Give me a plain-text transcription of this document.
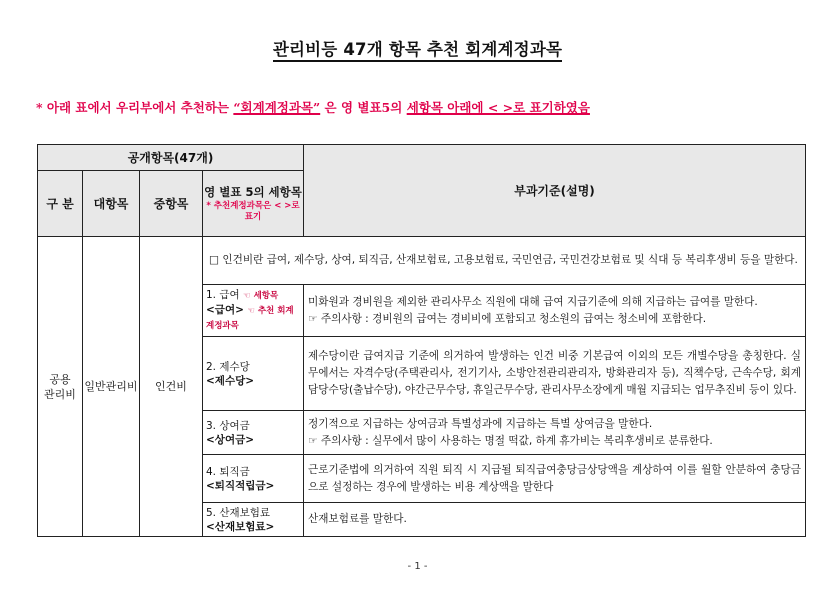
관리비등 47개 항목 추천 회계계정과목
* 아래 표에서 우리부에서 추천하는 “회계계정과목” 은 영 별표5의 세항목 아래에 < >로 표기하였음
공개항목(47개)				부과기준(설명)
구 분	대항목	중항목	영 별표 5의 세항목
* 추천계정과목은 < >로 표기	

공용
관리비	일반관리비	인건비	□ 인건비란 급여, 제수당, 상여, 퇴직금, 산재보험료, 고용보험료, 국민연금, 국민건강보험료 및 식대 등 복리후생비 등을 말한다.	
			1. 급여 ☜ 세항목
<급여> ☜ 추천 회계계정과목	미화원과 경비원을 제외한 관리사무소 직원에 대해 급여 지급기준에 의해 지급하는 급여를 말한다.
☞ 주의사항 : 경비원의 급여는 경비비에 포함되고 청소원의 급여는 청소비에 포함한다.

			2. 제수당
<제수당>	제수당이란 급여지급 기준에 의거하여 발생하는 인건 비중 기본급여 이외의 모든 개별수당을 총칭한다. 실무에서는 자격수당(주택관리사, 전기기사, 소방안전관리관리자, 방화관리자 등), 직책수당, 근속수당, 회계담당수당(출납수당), 야간근무수당, 휴일근무수당, 관리사무소장에게 매월 지급되는 업무추진비 등이 있다.

			3. 상여금
<상여금>	정기적으로 지급하는 상여금과 특별성과에 지급하는 특별 상여금을 말한다.
☞ 주의사항 : 실무에서 많이 사용하는 명절 떡값, 하계 휴가비는 복리후생비로 분류한다.

			4. 퇴직금
<퇴직적립금>	근로기준법에 의거하여 직원 퇴직 시 지급될 퇴직급여충당금상당액을 계상하여 이를 월할 안분하여 충당금으로 설정하는 경우에 발생하는 비용 계상액을 말한다

			5. 산재보험료
<산재보험료>	산재보험료를 말한다.
- 1 -
